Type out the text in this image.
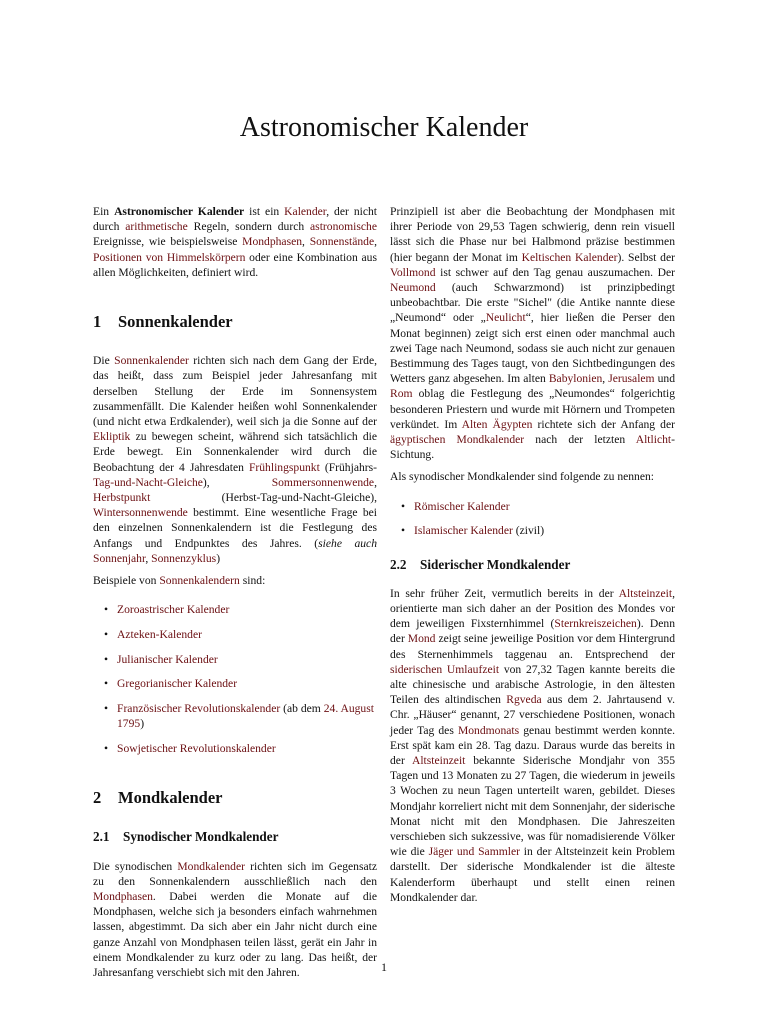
Astronomischer Kalender

Ein Astronomischer Kalender ist ein Kalender, der nicht durch arithmetische Regeln, sondern durch astronomische Ereignisse, wie beispielsweise Mondphasen, Sonnenstände, Positionen von Himmelskörpern oder eine Kombination aus allen Möglichkeiten, definiert wird.

1 Sonnenkalender

Die Sonnenkalender richten sich nach dem Gang der Erde, das heißt, dass zum Beispiel jeder Jahresanfang mit derselben Stellung der Erde im Sonnensystem zusammenfällt. Die Kalender heißen wohl Sonnenkalender (und nicht etwa Erdkalender), weil sich ja die Sonne auf der Ekliptik zu bewegen scheint, während sich tatsächlich die Erde bewegt. Ein Sonnenkalender wird durch die Beobachtung der 4 Jahresdaten Frühlingspunkt (Frühjahrs-Tag-und-Nacht-Gleiche), Sommersonnenwende, Herbstpunkt (Herbst-Tag-und-Nacht-Gleiche), Wintersonnenwende bestimmt. Eine wesentliche Frage bei den einzelnen Sonnenkalendern ist die Festlegung des Anfangs und Endpunktes des Jahres. (siehe auch Sonnenjahr, Sonnenzyklus)

Beispiele von Sonnenkalendern sind:

• Zoroastrischer Kalender
• Azteken-Kalender
• Julianischer Kalender
• Gregorianischer Kalender
• Französischer Revolutionskalender (ab dem 24. August 1795)
• Sowjetischer Revolutionskalender
2 Mondkalender
2.1 Synodischer Mondkalender

Die synodischen Mondkalender richten sich im Gegensatz zu den Sonnenkalendern ausschließlich nach den Mondphasen. Dabei werden die Monate auf die Mondphasen, welche sich ja besonders einfach wahrnehmen lassen, abgestimmt. Da sich aber ein Jahr nicht durch eine ganze Anzahl von Mondphasen teilen lässt, gerät ein Jahr in einem Mondkalender zu kurz oder zu lang. Das heißt, der Jahresanfang verschiebt sich mit den Jahren.

Prinzipiell ist aber die Beobachtung der Mondphasen mit ihrer Periode von 29,53 Tagen schwierig, denn rein visuell lässt sich die Phase nur bei Halbmond präzise bestimmen (hier begann der Monat im Keltischen Kalender). Selbst der Vollmond ist schwer auf den Tag genau auszumachen. Der Neumond (auch Schwarzmond) ist prinzipbedingt unbeobachtbar. Die erste "Sichel" (die Antike nannte diese „Neumond“ oder „Neulicht“, hier ließen die Perser den Monat beginnen) zeigt sich erst einen oder manchmal auch zwei Tage nach Neumond, sodass sie auch nicht zur genauen Bestimmung des Tages taugt, von den Sichtbedingungen des Wetters ganz abgesehen. Im alten Babylonien, Jerusalem und Rom oblag die Festlegung des „Neumondes“ folgerichtig besonderen Priestern und wurde mit Hörnern und Trompeten verkündet. Im Alten Ägypten richtete sich der Anfang der ägyptischen Mondkalender nach der letzten Altlicht-Sichtung.

Als synodischer Mondkalender sind folgende zu nennen:

• Römischer Kalender
• Islamischer Kalender (zivil)
2.2 Siderischer Mondkalender

In sehr früher Zeit, vermutlich bereits in der Altsteinzeit, orientierte man sich daher an der Position des Mondes vor dem jeweiligen Fixsternhimmel (Sternkreiszeichen). Denn der Mond zeigt seine jeweilige Position vor dem Hintergrund des Sternenhimmels taggenau an. Entsprechend der siderischen Umlaufzeit von 27,32 Tagen kannte bereits die alte chinesische und arabische Astrologie, in den ältesten Teilen des altindischen Rgveda aus dem 2. Jahrtausend v. Chr. „Häuser“ genannt, 27 verschiedene Positionen, wonach jeder Tag des Mondmonats genau bestimmt werden konnte. Erst spät kam ein 28. Tag dazu. Daraus wurde das bereits in der Altsteinzeit bekannte Siderische Mondjahr von 355 Tagen und 13 Monaten zu 27 Tagen, die wiederum in jeweils 3 Wochen zu neun Tagen unterteilt waren, gebildet. Dieses Mondjahr korreliert nicht mit dem Sonnenjahr, der siderische Monat nicht mit den Mondphasen. Die Jahreszeiten verschieben sich sukzessive, was für nomadisierende Völker wie die Jäger und Sammler in der Altsteinzeit kein Problem darstellt. Der siderische Mondkalender ist die älteste Kalenderform überhaupt und stellt einen reinen Mondkalender dar.

1
